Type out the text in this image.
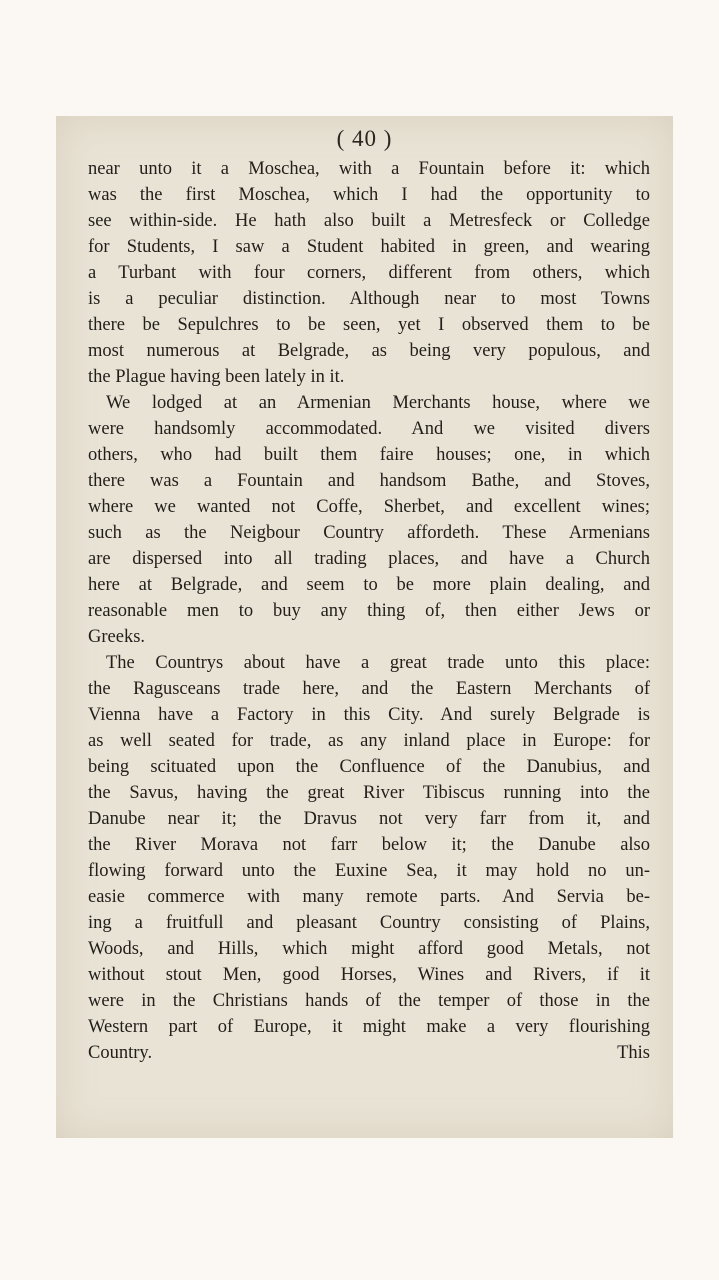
( 40 )
near unto it a Moschea, with a Fountain before it: which
was the first Moschea, which I had the opportunity to
see within-side. He hath also built a Metresfeck or Colledge
for Students, I saw a Student habited in green, and wearing
a Turbant with four corners, different from others, which
is a peculiar distinction. Although near to most Towns
there be Sepulchres to be seen, yet I observed them to be
most numerous at Belgrade, as being very populous, and
the Plague having been lately in it.
We lodged at an Armenian Merchants house, where we
were handsomly accommodated. And we visited divers
others, who had built them faire houses; one, in which
there was a Fountain and handsom Bathe, and Stoves,
where we wanted not Coffe, Sherbet, and excellent wines;
such as the Neigbour Country affordeth. These Armenians
are dispersed into all trading places, and have a Church
here at Belgrade, and seem to be more plain dealing, and
reasonable men to buy any thing of, then either Jews or
Greeks.
The Countrys about have a great trade unto this place:
the Ragusceans trade here, and the Eastern Merchants of
Vienna have a Factory in this City. And surely Belgrade is
as well seated for trade, as any inland place in Europe: for
being scituated upon the Confluence of the Danubius, and
the Savus, having the great River Tibiscus running into the
Danube near it; the Dravus not very farr from it, and
the River Morava not farr below it; the Danube also
flowing forward unto the Euxine Sea, it may hold no un-
easie commerce with many remote parts. And Servia be-
ing a fruitfull and pleasant Country consisting of Plains,
Woods, and Hills, which might afford good Metals, not
without stout Men, good Horses, Wines and Rivers, if it
were in the Christians hands of the temper of those in the
Western part of Europe, it might make a very flourishing
Country.	This
